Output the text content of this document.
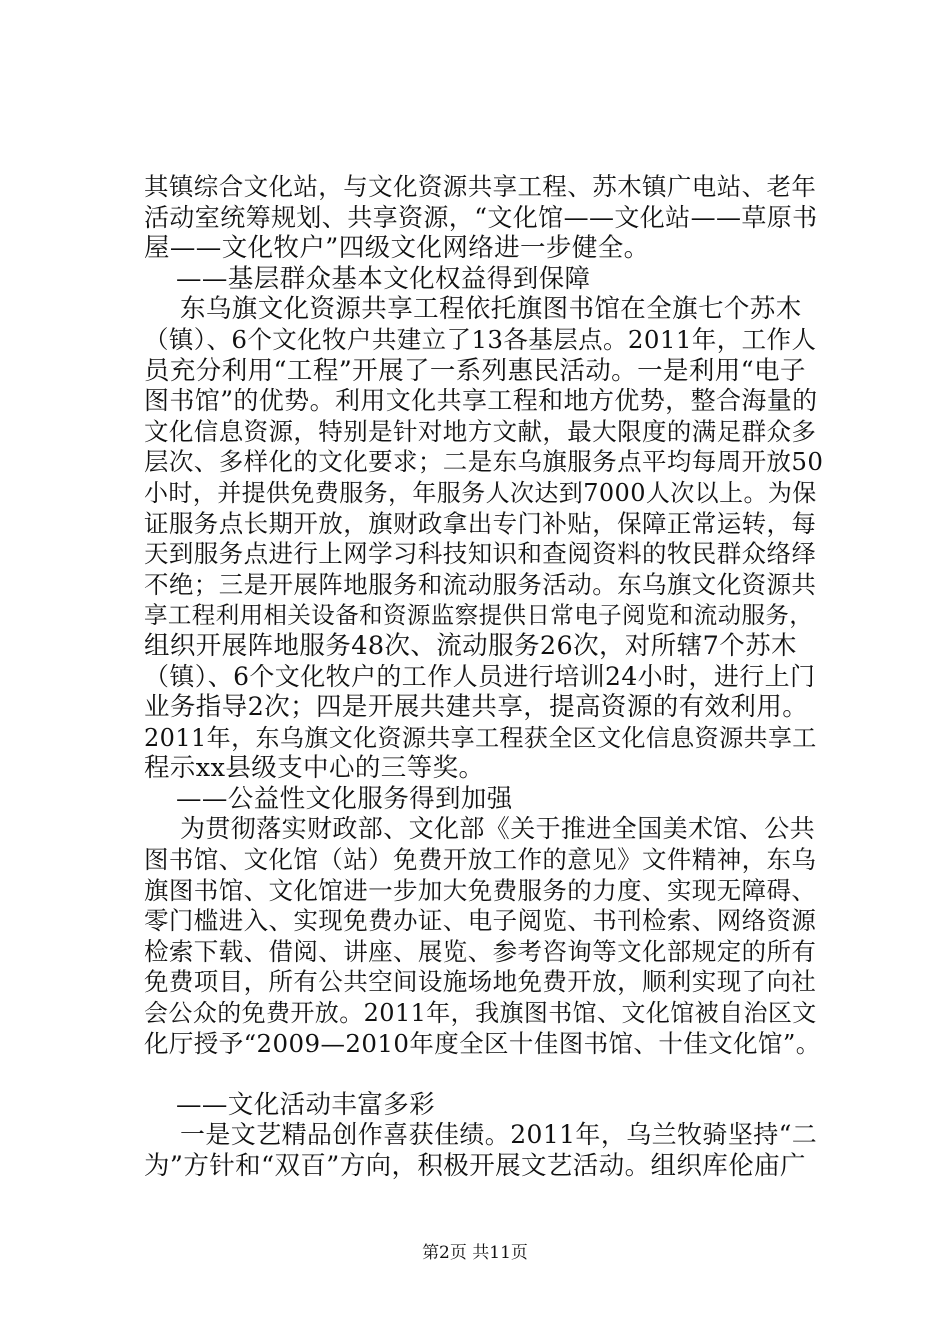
其镇综合文化站，与文化资源共享工程、苏木镇广电站、老年
活动室统筹规划、共享资源，“文化馆——文化站——草原书
屋——文化牧户”四级文化网络进一步健全。
——基层群众基本文化权益得到保障
东乌旗文化资源共享工程依托旗图书馆在全旗七个苏木
（镇）、6个文化牧户共建立了13各基层点。2011年，工作人
员充分利用“工程”开展了一系列惠民活动。一是利用“电子
图书馆”的优势。利用文化共享工程和地方优势，整合海量的
文化信息资源，特别是针对地方文献，最大限度的满足群众多
层次、多样化的文化要求；二是东乌旗服务点平均每周开放50
小时，并提供免费服务，年服务人次达到7000人次以上。为保
证服务点长期开放，旗财政拿出专门补贴，保障正常运转，每
天到服务点进行上网学习科技知识和查阅资料的牧民群众络绎
不绝；三是开展阵地服务和流动服务活动。东乌旗文化资源共
享工程利用相关设备和资源监察提供日常电子阅览和流动服务，
组织开展阵地服务48次、流动服务26次，对所辖7个苏木
（镇）、6个文化牧户的工作人员进行培训24小时，进行上门
业务指导2次；四是开展共建共享，提高资源的有效利用。
2011年，东乌旗文化资源共享工程获全区文化信息资源共享工
程示xx县级支中心的三等奖。
——公益性文化服务得到加强
为贯彻落实财政部、文化部《关于推进全国美术馆、公共
图书馆、文化馆（站）免费开放工作的意见》文件精神，东乌
旗图书馆、文化馆进一步加大免费服务的力度、实现无障碍、
零门槛进入、实现免费办证、电子阅览、书刊检索、网络资源
检索下载、借阅、讲座、展览、参考咨询等文化部规定的所有
免费项目，所有公共空间设施场地免费开放，顺利实现了向社
会公众的免费开放。2011年，我旗图书馆、文化馆被自治区文
化厅授予“2009—2010年度全区十佳图书馆、十佳文化馆”。
——文化活动丰富多彩
一是文艺精品创作喜获佳绩。2011年，乌兰牧骑坚持“二
为”方针和“双百”方向，积极开展文艺活动。组织库伦庙广
第2页 共11页
